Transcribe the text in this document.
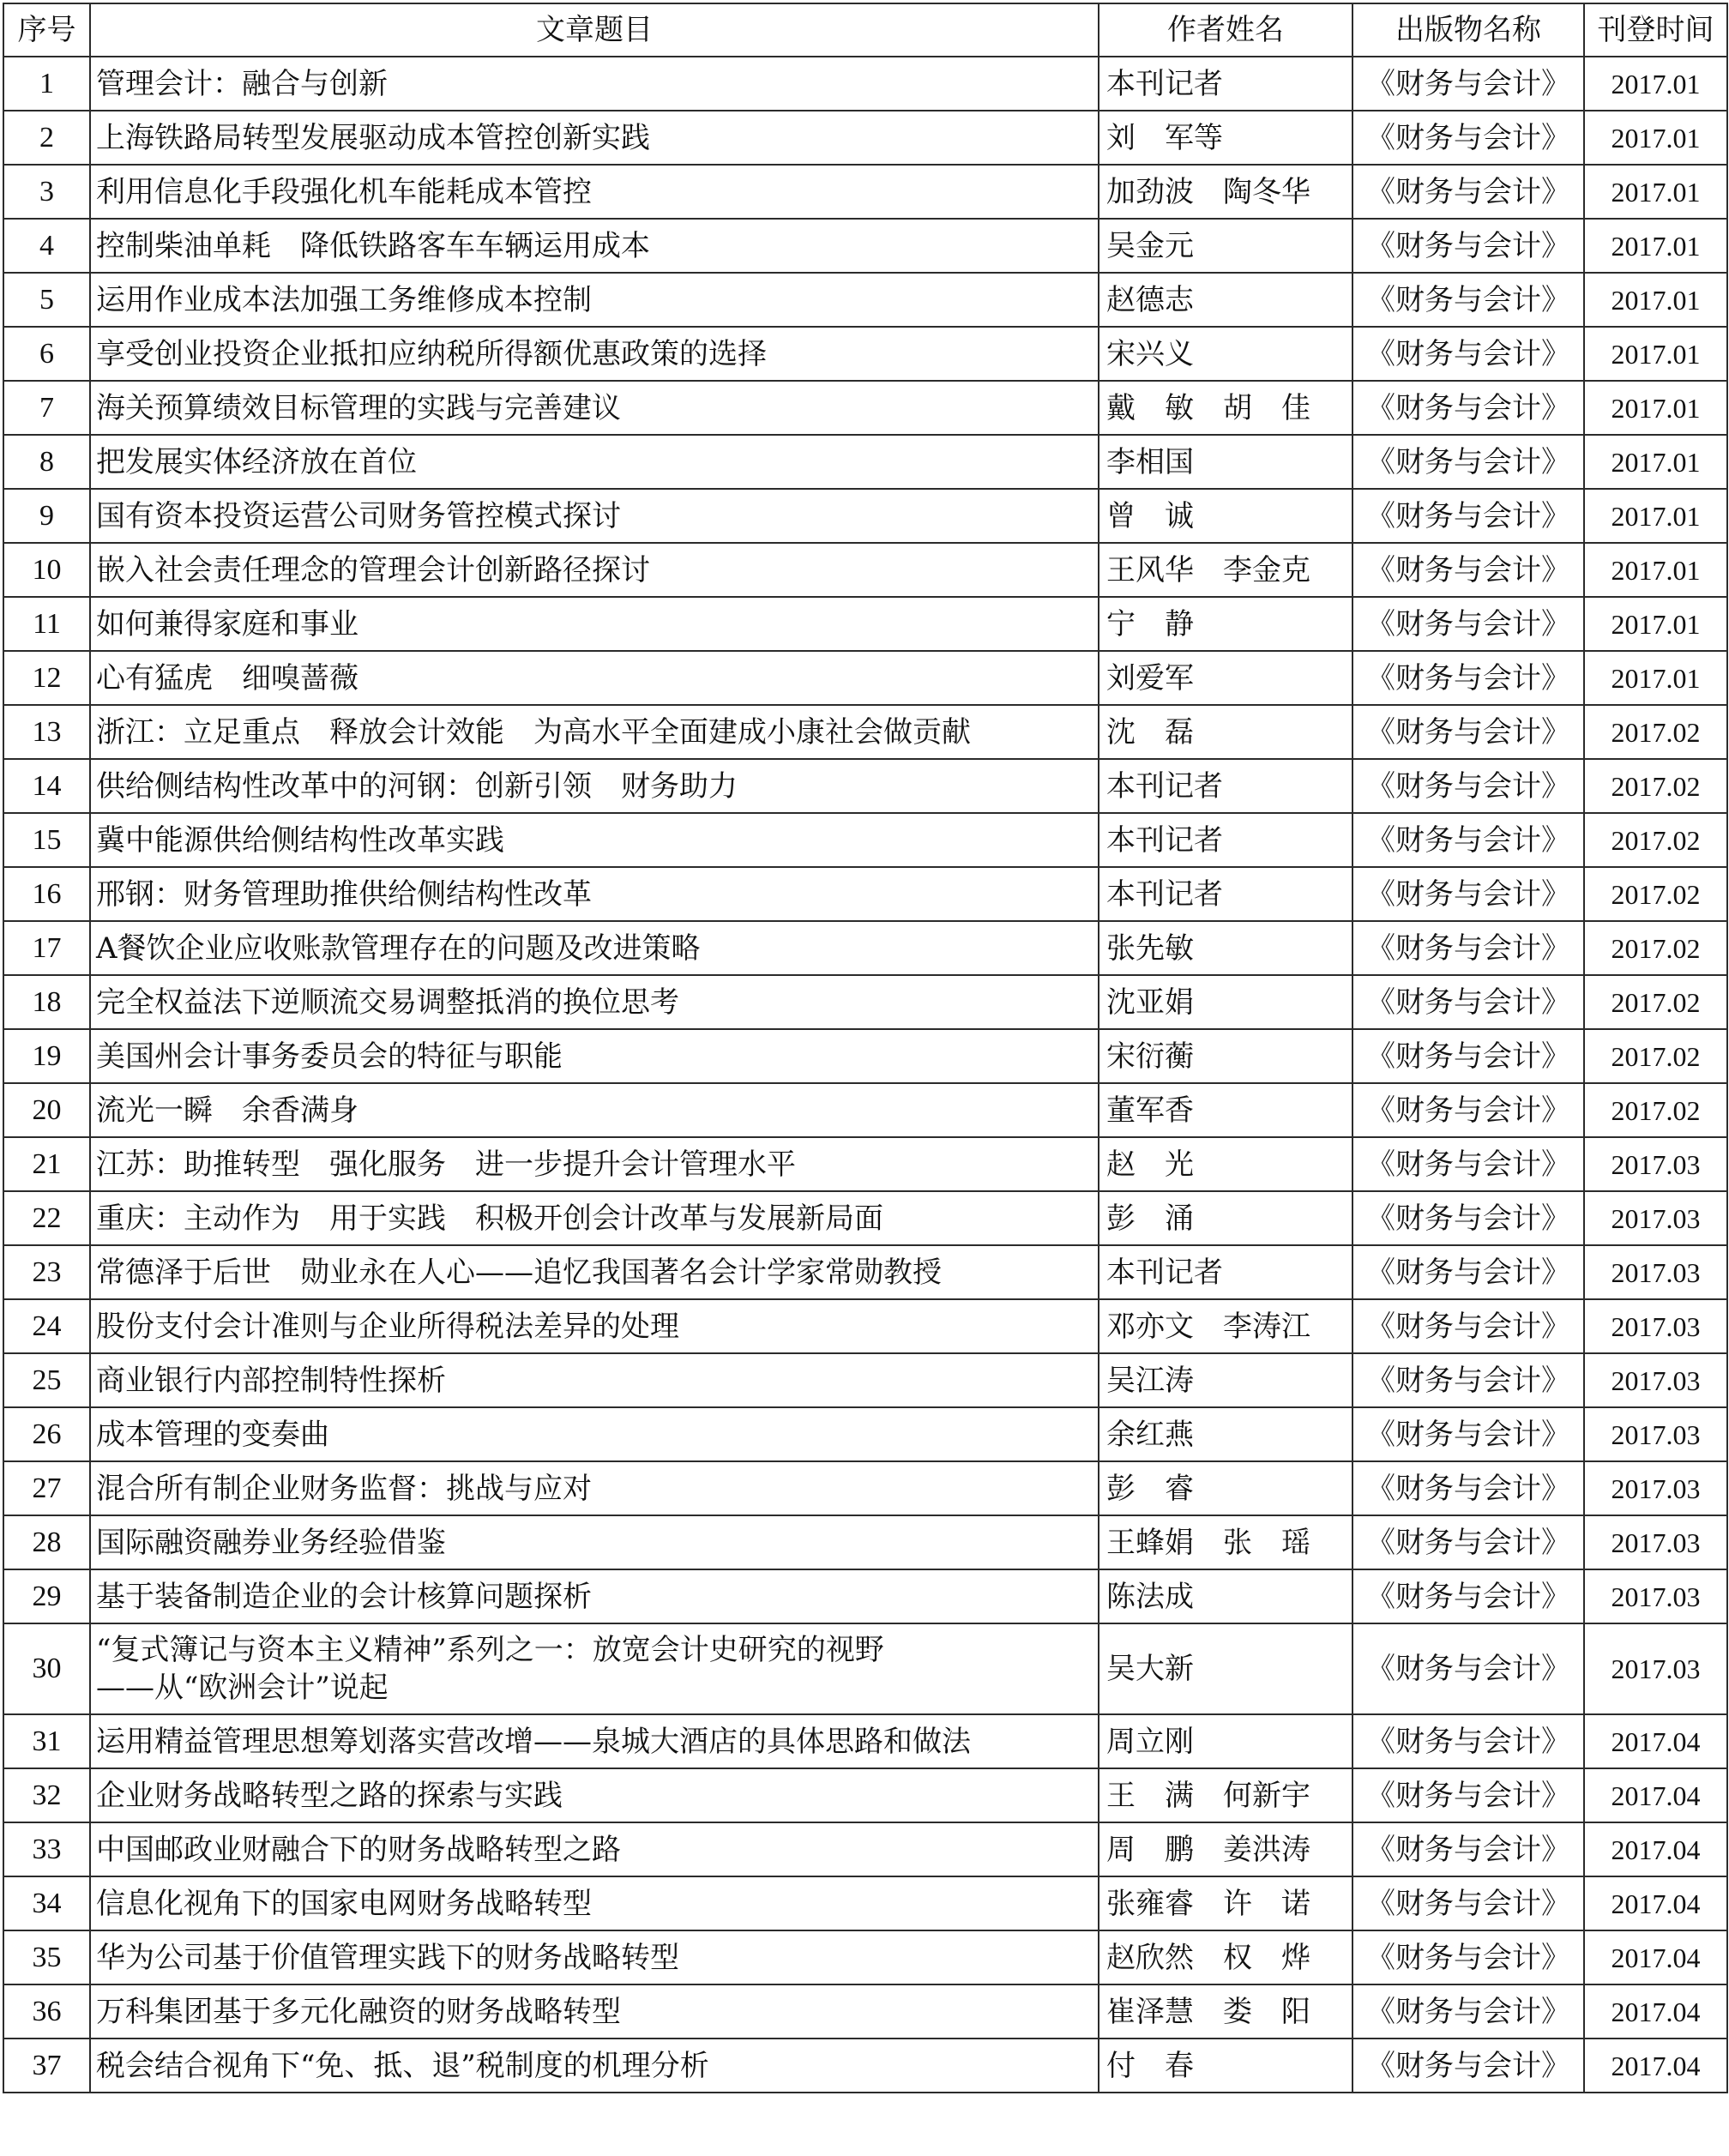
序号	文章题目	作者姓名	出版物名称	刊登时间
1	管理会计：融合与创新	本刊记者	《财务与会计》	2017.01
2	上海铁路局转型发展驱动成本管控创新实践	刘　军等	《财务与会计》	2017.01
3	利用信息化手段强化机车能耗成本管控	加劲波　陶冬华	《财务与会计》	2017.01
4	控制柴油单耗　降低铁路客车车辆运用成本	吴金元	《财务与会计》	2017.01
5	运用作业成本法加强工务维修成本控制	赵德志	《财务与会计》	2017.01
6	享受创业投资企业抵扣应纳税所得额优惠政策的选择	宋兴义	《财务与会计》	2017.01
7	海关预算绩效目标管理的实践与完善建议	戴　敏　胡　佳	《财务与会计》	2017.01
8	把发展实体经济放在首位	李相国	《财务与会计》	2017.01
9	国有资本投资运营公司财务管控模式探讨	曾　诚	《财务与会计》	2017.01
10	嵌入社会责任理念的管理会计创新路径探讨	王风华　李金克	《财务与会计》	2017.01
11	如何兼得家庭和事业	宁　静	《财务与会计》	2017.01
12	心有猛虎　细嗅蔷薇	刘爱军	《财务与会计》	2017.01
13	浙江：立足重点　释放会计效能　为高水平全面建成小康社会做贡献	沈　磊	《财务与会计》	2017.02
14	供给侧结构性改革中的河钢：创新引领　财务助力	本刊记者	《财务与会计》	2017.02
15	冀中能源供给侧结构性改革实践	本刊记者	《财务与会计》	2017.02
16	邢钢：财务管理助推供给侧结构性改革	本刊记者	《财务与会计》	2017.02
17	A餐饮企业应收账款管理存在的问题及改进策略	张先敏	《财务与会计》	2017.02
18	完全权益法下逆顺流交易调整抵消的换位思考	沈亚娟	《财务与会计》	2017.02
19	美国州会计事务委员会的特征与职能	宋衍蘅	《财务与会计》	2017.02
20	流光一瞬　余香满身	董军香	《财务与会计》	2017.02
21	江苏：助推转型　强化服务　进一步提升会计管理水平	赵　光	《财务与会计》	2017.03
22	重庆：主动作为　用于实践　积极开创会计改革与发展新局面	彭　涌	《财务与会计》	2017.03
23	常德泽于后世　勋业永在人心——追忆我国著名会计学家常勋教授	本刊记者	《财务与会计》	2017.03
24	股份支付会计准则与企业所得税法差异的处理	邓亦文　李涛江	《财务与会计》	2017.03
25	商业银行内部控制特性探析	吴江涛	《财务与会计》	2017.03
26	成本管理的变奏曲	余红燕	《财务与会计》	2017.03
27	混合所有制企业财务监督：挑战与应对	彭　睿	《财务与会计》	2017.03
28	国际融资融券业务经验借鉴	王蜂娟　张　瑶	《财务与会计》	2017.03
29	基于装备制造企业的会计核算问题探析	陈法成	《财务与会计》	2017.03
30	“复式簿记与资本主义精神”系列之一：放宽会计史研究的视野
——从“欧洲会计”说起	吴大新	《财务与会计》	2017.03
31	运用精益管理思想筹划落实营改增——泉城大酒店的具体思路和做法	周立刚	《财务与会计》	2017.04
32	企业财务战略转型之路的探索与实践	王　满　何新宇	《财务与会计》	2017.04
33	中国邮政业财融合下的财务战略转型之路	周　鹏　姜洪涛	《财务与会计》	2017.04
34	信息化视角下的国家电网财务战略转型	张雍睿　许　诺	《财务与会计》	2017.04
35	华为公司基于价值管理实践下的财务战略转型	赵欣然　权　烨	《财务与会计》	2017.04
36	万科集团基于多元化融资的财务战略转型	崔泽慧　娄　阳	《财务与会计》	2017.04
37	税会结合视角下“免、抵、退”税制度的机理分析	付　春	《财务与会计》	2017.04
